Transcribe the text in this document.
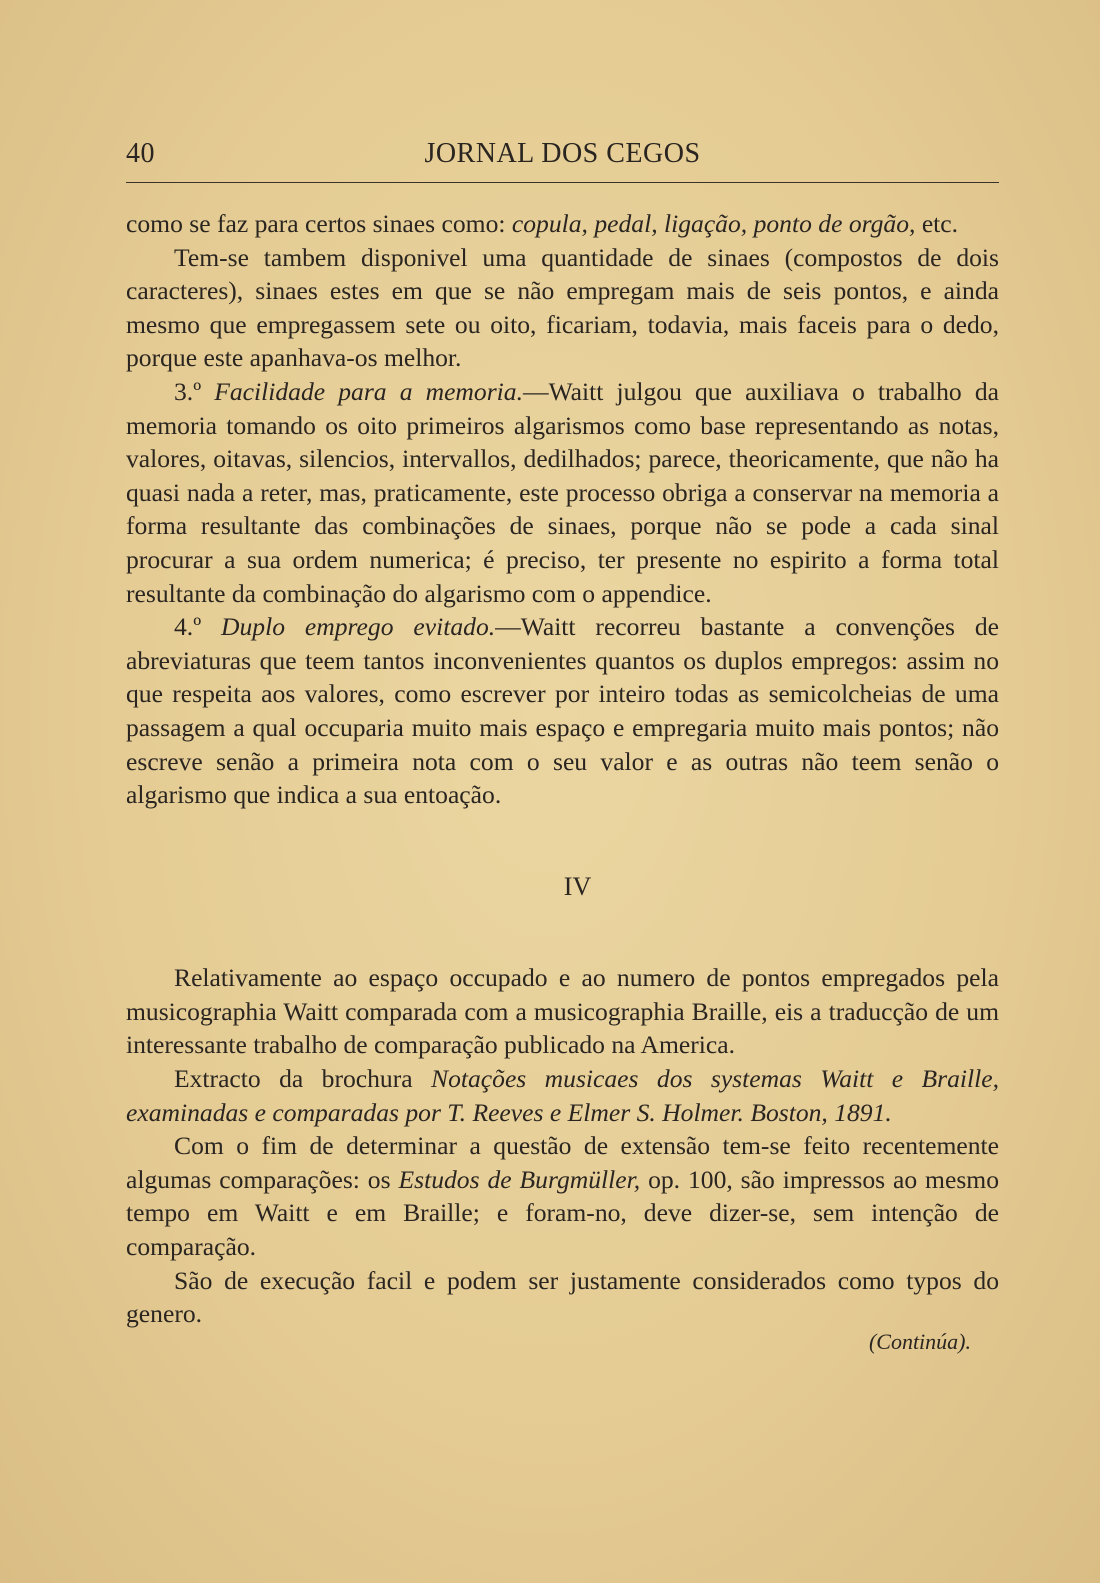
40	JORNAL DOS CEGOS

como se faz para certos sinaes como: copula, pedal, ligação, ponto de orgão, etc.

Tem-se tambem disponivel uma quantidade de sinaes (compostos de dois caracteres), sinaes estes em que se não empregam mais de seis pontos, e ainda mesmo que empregassem sete ou oito, ficariam, todavia, mais faceis para o dedo, porque este apanhava-os melhor.

3.º Facilidade para a memoria.—Waitt julgou que auxiliava o trabalho da memoria tomando os oito primeiros algarismos como base representando as notas, valores, oitavas, silencios, intervallos, dedilhados; parece, theoricamente, que não ha quasi nada a reter, mas, praticamente, este processo obriga a conservar na memoria a forma resultante das combinações de sinaes, porque não se pode a cada sinal procurar a sua ordem numerica; é preciso, ter presente no espirito a forma total resultante da combinação do algarismo com o appendice.

4.º Duplo emprego evitado.—Waitt recorreu bastante a convenções de abreviaturas que teem tantos inconvenientes quantos os duplos empregos: assim no que respeita aos valores, como escrever por inteiro todas as semicolcheias de uma passagem a qual occuparia muito mais espaço e empregaria muito mais pontos; não escreve senão a primeira nota com o seu valor e as outras não teem senão o algarismo que indica a sua entoação.

IV

Relativamente ao espaço occupado e ao numero de pontos empregados pela musicographia Waitt comparada com a musicographia Braille, eis a traducção de um interessante trabalho de comparação publicado na America.

Extracto da brochura Notações musicaes dos systemas Waitt e Braille, examinadas e comparadas por T. Reeves e Elmer S. Holmer. Boston, 1891.

Com o fim de determinar a questão de extensão tem-se feito recentemente algumas comparações: os Estudos de Burgmüller, op. 100, são impressos ao mesmo tempo em Waitt e em Braille; e foram-no, deve dizer-se, sem intenção de comparação.

São de execução facil e podem ser justamente considerados como typos do genero.

(Continúa).
